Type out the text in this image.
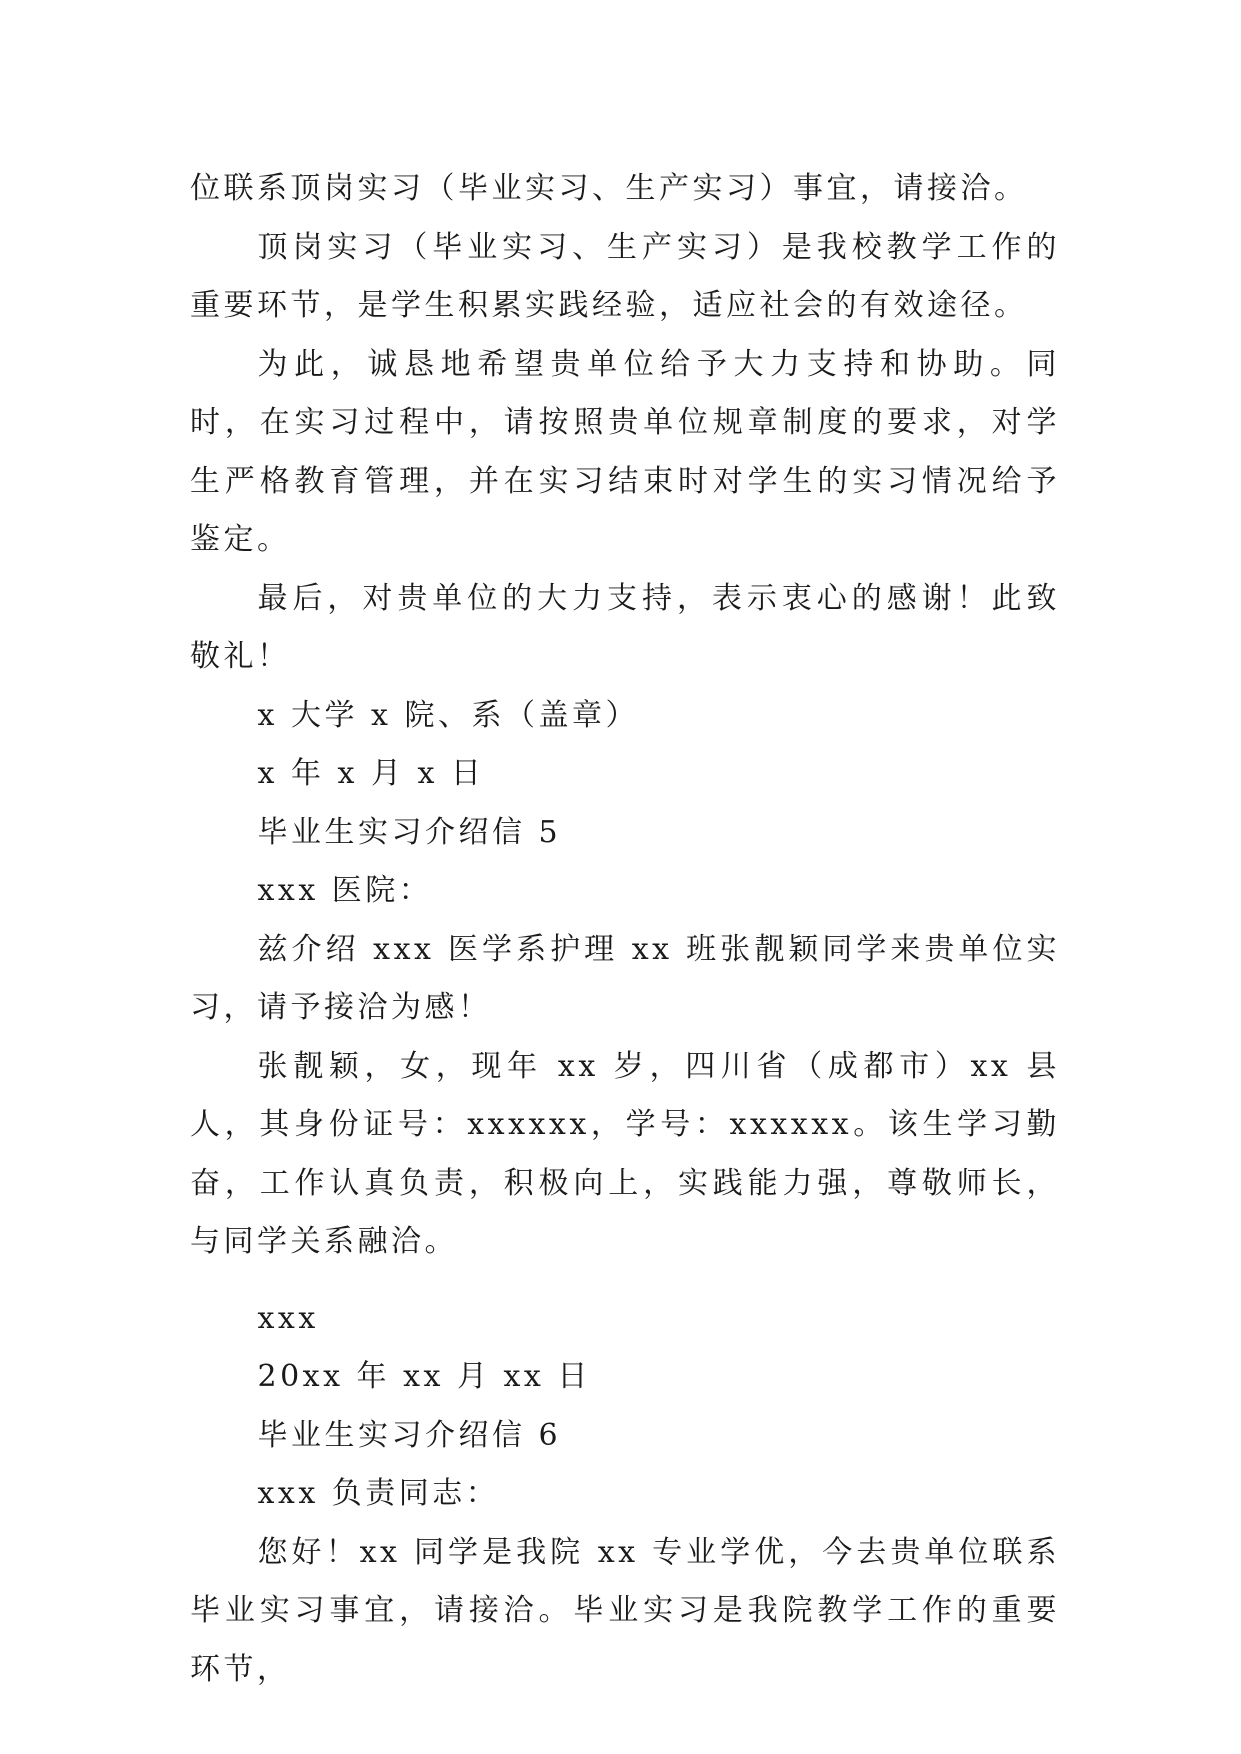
位联系顶岗实习（毕业实习、生产实习）事宜，请接洽。

顶岗实习（毕业实习、生产实习）是我校教学工作的重要环节，是学生积累实践经验，适应社会的有效途径。

为此，诚恳地希望贵单位给予大力支持和协助。同时，在实习过程中，请按照贵单位规章制度的要求，对学生严格教育管理，并在实习结束时对学生的实习情况给予鉴定。

最后，对贵单位的大力支持，表示衷心的感谢！此致敬礼！

x 大学 x 院、系（盖章）

x 年 x 月 x 日

毕业生实习介绍信 5

xxx 医院：

兹介绍 xxx 医学系护理 xx 班张靓颖同学来贵单位实习，请予接洽为感！

张靓颖，女，现年 xx 岁，四川省（成都市）xx 县人，其身份证号：xxxxxx，学号：xxxxxx。该生学习勤奋，工作认真负责，积极向上，实践能力强，尊敬师长，与同学关系融洽。

xxx

20xx 年 xx 月 xx 日

毕业生实习介绍信 6

xxx 负责同志：

您好！xx 同学是我院 xx 专业学优，今去贵单位联系毕业实习事宜，请接洽。毕业实习是我院教学工作的重要环节，
